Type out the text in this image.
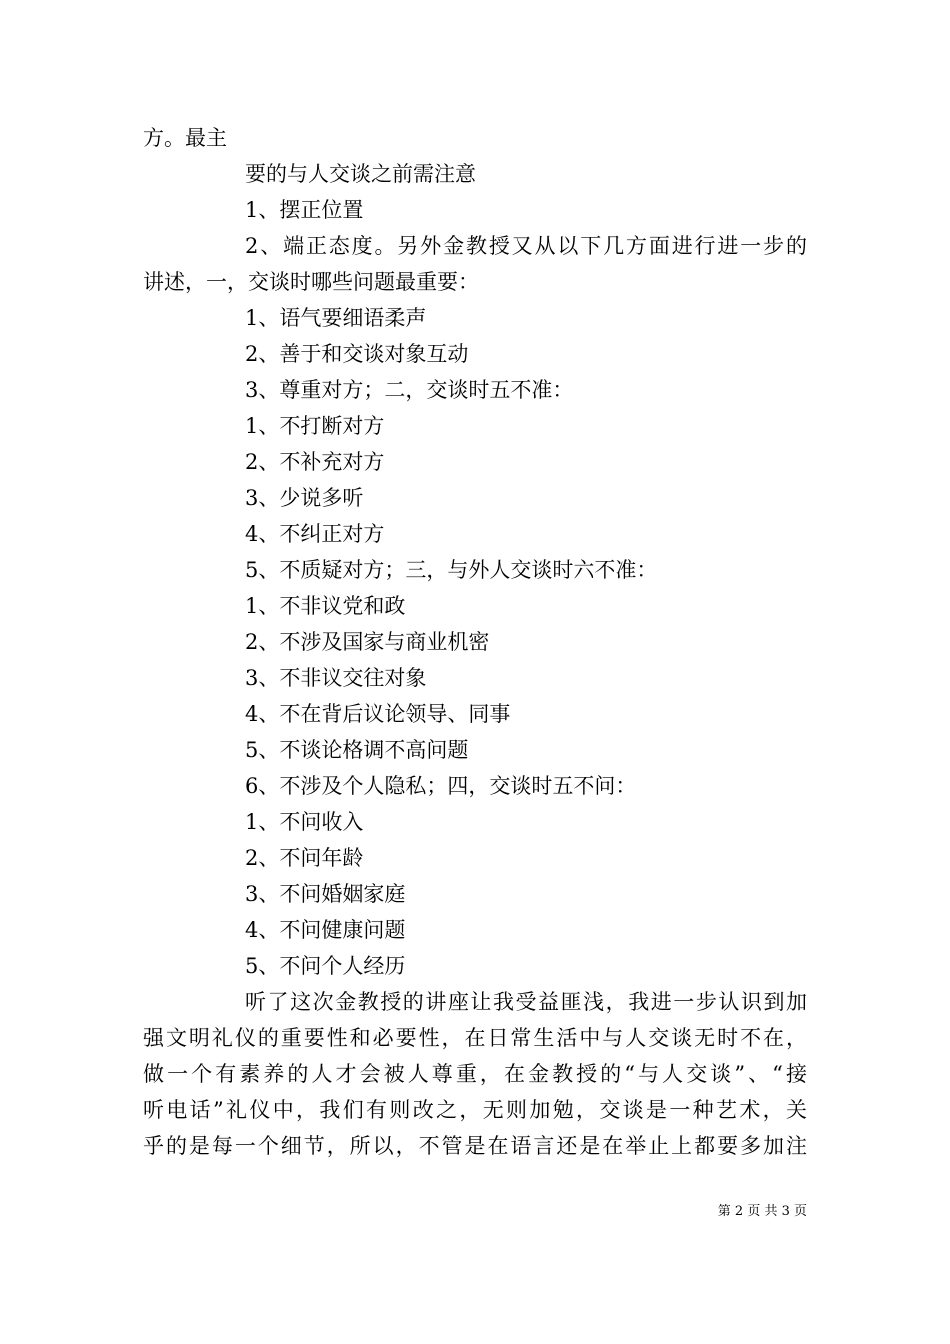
方。最主
要的与人交谈之前需注意
1、摆正位置
2、端正态度。另外金教授又从以下几方面进行进一步的
讲述，一，交谈时哪些问题最重要：
1、语气要细语柔声
2、善于和交谈对象互动
3、尊重对方；二，交谈时五不准：
1、不打断对方
2、不补充对方
3、少说多听
4、不纠正对方
5、不质疑对方；三，与外人交谈时六不准：
1、不非议党和政
2、不涉及国家与商业机密
3、不非议交往对象
4、不在背后议论领导、同事
5、不谈论格调不高问题
6、不涉及个人隐私；四，交谈时五不问：
1、不问收入
2、不问年龄
3、不问婚姻家庭
4、不问健康问题
5、不问个人经历
听了这次金教授的讲座让我受益匪浅，我进一步认识到加
强文明礼仪的重要性和必要性，在日常生活中与人交谈无时不在，
做一个有素养的人才会被人尊重，在金教授的“与人交谈”、“接
听电话”礼仪中，我们有则改之，无则加勉，交谈是一种艺术，关
乎的是每一个细节，所以，不管是在语言还是在举止上都要多加注
第 2 页 共 3 页
